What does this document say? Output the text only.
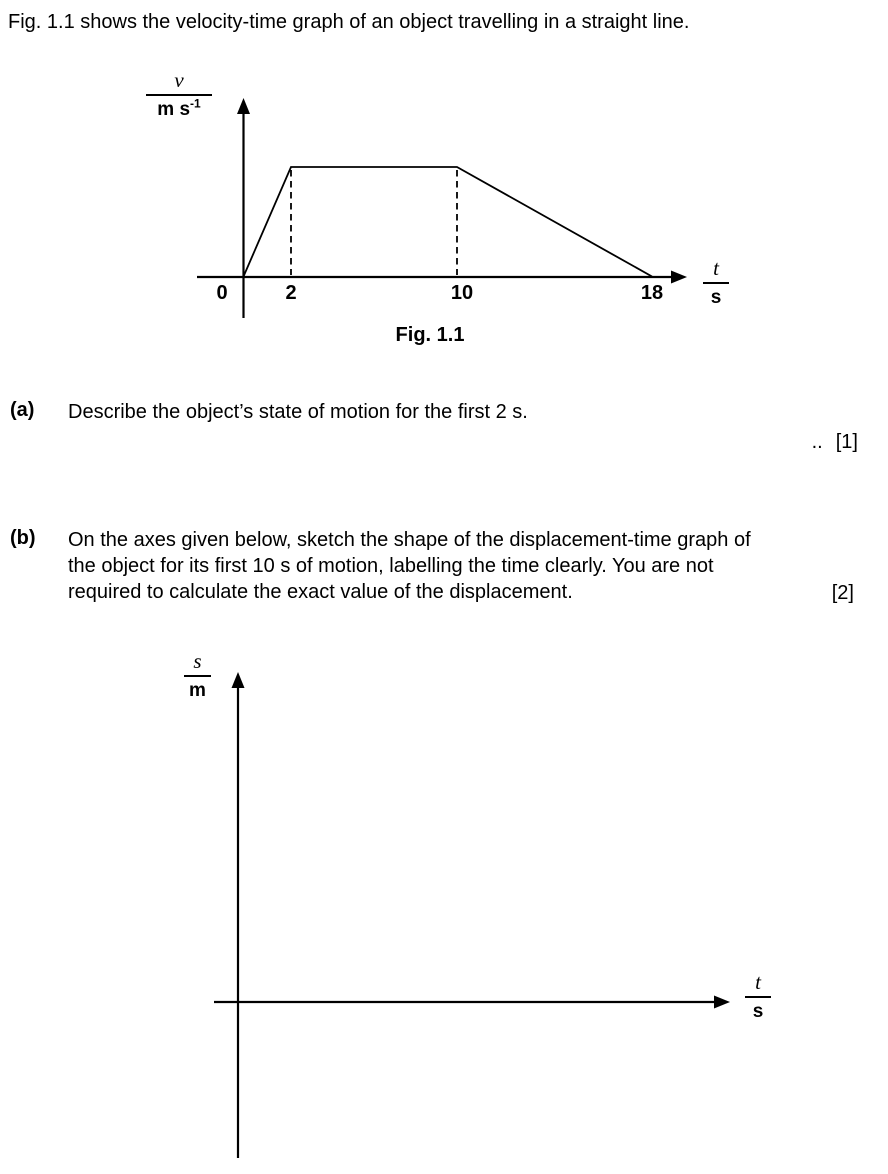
Fig. 1.1 shows the velocity-time graph of an object travelling in a straight line.
$\frac{v}{m s^{-1}}$
$\frac{t}{s}$
0	2	10	18
Fig. 1.1
(a) Describe the object’s state of motion for the first 2 s.
.. [1]
(b) On the axes given below, sketch the shape of the displacement-time graph of
the object for its first 10 s of motion, labelling the time clearly. You are not
required to calculate the exact value of the displacement.	[2]
$\frac{s}{m}$
$\frac{t}{s}$
